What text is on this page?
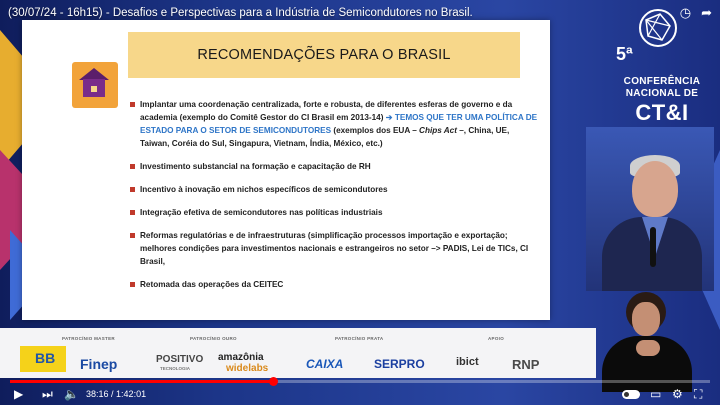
RECOMENDAÇÕES PARA O BRASIL
Implantar uma coordenação centralizada, forte e robusta, de diferentes esferas de governo e da academia (exemplo do Comitê Gestor do CI Brasil em 2013-14) ➔ TEMOS QUE TER UMA POLÍTICA DE ESTADO PARA O SETOR DE SEMICONDUTORES (exemplos dos EUA – Chips Act –, China, UE, Taiwan, Coréia do Sul, Singapura, Vietnam, Índia, México, etc.)
Investimento substancial na formação e capacitação de RH
Incentivo à inovação em nichos específicos de semicondutores
Integração efetiva de semicondutores nas políticas industriais
Reformas regulatórias e de infraestruturas (simplificação processos importação e exportação; melhores condições para investimentos nacionais e estrangeiros no setor –> PADIS, Lei de TICs, CI Brasil,
Retomada das operações da CEITEC
(30/07/24 - 16h15) - Desafios e Perspectivas para a Indústria de Semicondutores no Brasil.	◷ ➦
5ª
CONFERÊNCIA
NACIONAL DE
CT&I
PATROCÍNIO MASTER	PATROCÍNIO OURO	PATROCÍNIO PRATA	APOIO
BB Finep	POSITIVO
TECNOLOGIA
amazônia
widelabs	CAIXA	SERPRO	ibict	RNP
▶ ⏭ 🔈 38:16 / 1:42:01	▭ ⚙ ⛶
